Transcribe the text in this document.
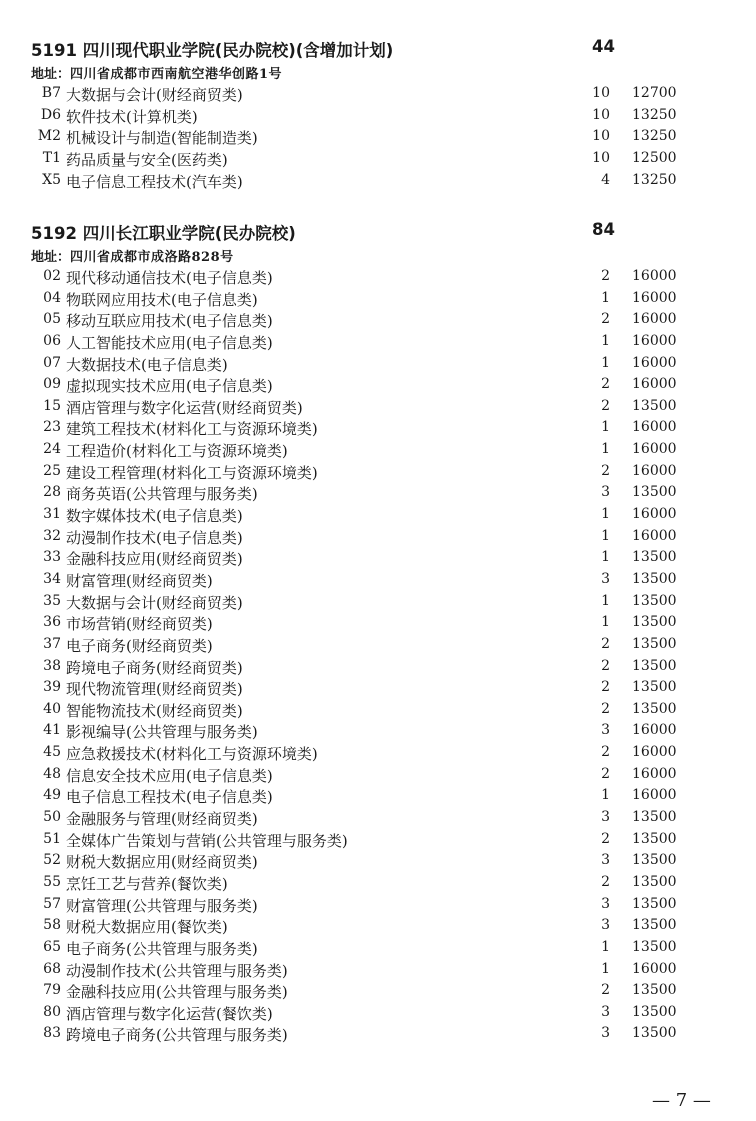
5191 四川现代职业学院(民办院校)(含增加计划)	44
地址：四川省成都市西南航空港华创路1号
B7 大数据与会计(财经商贸类)	10 12700
D6 软件技术(计算机类)	10 13250
M2 机械设计与制造(智能制造类)	10 13250
T1 药品质量与安全(医药类)	10 12500
X5 电子信息工程技术(汽车类)	4 13250
5192 四川长江职业学院(民办院校)	84
地址：四川省成都市成洛路828号
02 现代移动通信技术(电子信息类)	2 16000
04 物联网应用技术(电子信息类)	1 16000
05 移动互联应用技术(电子信息类)	2 16000
06 人工智能技术应用(电子信息类)	1 16000
07 大数据技术(电子信息类)	1 16000
09 虚拟现实技术应用(电子信息类)	2 16000
15 酒店管理与数字化运营(财经商贸类)	2 13500
23 建筑工程技术(材料化工与资源环境类)	1 16000
24 工程造价(材料化工与资源环境类)	1 16000
25 建设工程管理(材料化工与资源环境类)	2 16000
28 商务英语(公共管理与服务类)	3 13500
31 数字媒体技术(电子信息类)	1 16000
32 动漫制作技术(电子信息类)	1 16000
33 金融科技应用(财经商贸类)	1 13500
34 财富管理(财经商贸类)	3 13500
35 大数据与会计(财经商贸类)	1 13500
36 市场营销(财经商贸类)	1 13500
37 电子商务(财经商贸类)	2 13500
38 跨境电子商务(财经商贸类)	2 13500
39 现代物流管理(财经商贸类)	2 13500
40 智能物流技术(财经商贸类)	2 13500
41 影视编导(公共管理与服务类)	3 16000
45 应急救援技术(材料化工与资源环境类)	2 16000
48 信息安全技术应用(电子信息类)	2 16000
49 电子信息工程技术(电子信息类)	1 16000
50 金融服务与管理(财经商贸类)	3 13500
51 全媒体广告策划与营销(公共管理与服务类)	2 13500
52 财税大数据应用(财经商贸类)	3 13500
55 烹饪工艺与营养(餐饮类)	2 13500
57 财富管理(公共管理与服务类)	3 13500
58 财税大数据应用(餐饮类)	3 13500
65 电子商务(公共管理与服务类)	1 13500
68 动漫制作技术(公共管理与服务类)	1 16000
79 金融科技应用(公共管理与服务类)	2 13500
80 酒店管理与数字化运营(餐饮类)	3 13500
83 跨境电子商务(公共管理与服务类)	3 13500
— 7 —
